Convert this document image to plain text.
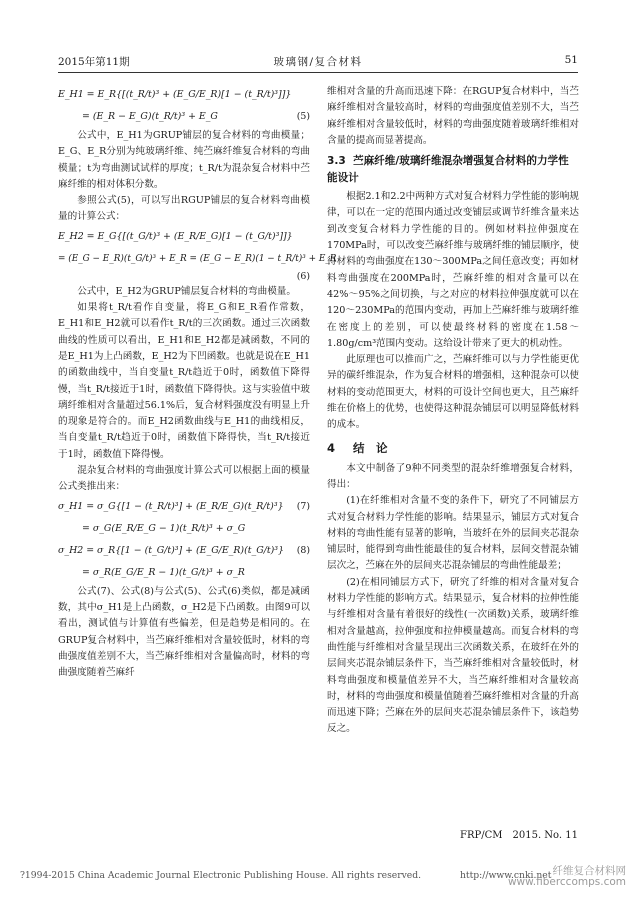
2015年第11期	玻璃钢/复合材料	51
E_H1 = E_R{[(t_R/t)³ + (E_G/E_R)[1 − (t_R/t)³]]}
= (E_R − E_G)(t_R/t)³ + E_G	(5)

公式中，E_H1为GRUP铺层的复合材料的弯曲模量；E_G、E_R分别为纯玻璃纤维、纯苎麻纤维复合材料的弯曲模量；t为弯曲测试试样的厚度；t_R/t为混杂复合材料中苎麻纤维的相对体积分数。

参照公式(5)，可以写出RGUP铺层的复合材料弯曲模量的计算公式：

E_H2 = E_G{[(t_G/t)³ + (E_R/E_G)[1 − (t_G/t)³]]}
= (E_G − E_R)(t_G/t)³ + E_R = (E_G − E_R)(1 − t_R/t)³ + E_R
(6)

公式中，E_H2为GRUP铺层复合材料的弯曲模量。

如果将t_R/t看作自变量，将E_G和E_R看作常数，E_H1和E_H2就可以看作t_R/t的三次函数。通过三次函数曲线的性质可以看出，E_H1和E_H2都是减函数，不同的是E_H1为上凸函数，E_H2为下凹函数。也就是说在E_H1的函数曲线中，当自变量t_R/t趋近于0时，函数值下降得慢，当t_R/t接近于1时，函数值下降得快。这与实验值中玻璃纤维相对含量超过56.1%后，复合材料强度没有明显上升的现象是符合的。而E_H2函数曲线与E_H1的曲线相反，当自变量t_R/t趋近于0时，函数值下降得快，当t_R/t接近于1时，函数值下降得慢。

混杂复合材料的弯曲强度计算公式可以根据上面的模量公式类推出来：

σ_H1 = σ_G{[1 − (t_R/t)³] + (E_R/E_G)(t_R/t)³} (7)
= σ_G(E_R/E_G − 1)(t_R/t)³ + σ_G
σ_H2 = σ_R{[1 − (t_G/t)³] + (E_G/E_R)(t_G/t)³} (8)
= σ_R(E_G/E_R − 1)(t_G/t)³ + σ_R

公式(7)、公式(8)与公式(5)、公式(6)类似，都是减函数，其中σ_H1是上凸函数，σ_H2是下凸函数。由图9可以看出，测试值与计算值有些偏差，但是趋势是相同的。在GRUP复合材料中，当苎麻纤维相对含量较低时，材料的弯曲强度值差别不大，当苎麻纤维相对含量偏高时，材料的弯曲强度随着苎麻纤

维相对含量的升高而迅速下降：在RGUP复合材料中，当苎麻纤维相对含量较高时，材料的弯曲强度值差别不大，当苎麻纤维相对含量较低时，材料的弯曲强度随着玻璃纤维相对含量的提高而显著提高。

3.3 苎麻纤维/玻璃纤维混杂增强复合材料的力学性能设计

根据2.1和2.2中两种方式对复合材料力学性能的影响规律，可以在一定的范围内通过改变铺层或调节纤维含量来达到改变复合材料力学性能的目的。例如材料拉伸强度在170MPa时，可以改变苎麻纤维与玻璃纤维的铺层顺序，使得材料的弯曲强度在130～300MPa之间任意改变；再如材料弯曲强度在200MPa时，苎麻纤维的相对含量可以在42%～95%之间切换，与之对应的材料拉伸强度就可以在120～230MPa的范围内变动，再加上苎麻纤维与玻璃纤维在密度上的差别，可以使最终材料的密度在1.58～1.80g/cm³范围内变动。这给设计带来了更大的机动性。

此原理也可以推而广之，苎麻纤维可以与力学性能更优异的碳纤维混杂，作为复合材料的增强相，这种混杂可以使材料的变动范围更大，材料的可设计空间也更大，且苎麻纤维在价格上的优势，也使得这种混杂铺层可以明显降低材料的成本。

4 结　论

本文中制备了9种不同类型的混杂纤维增强复合材料，得出：

(1)在纤维相对含量不变的条件下，研究了不同铺层方式对复合材料力学性能的影响。结果显示，铺层方式对复合材料的弯曲性能有显著的影响，当玻纤在外的层间夹芯混杂铺层时，能得到弯曲性能最佳的复合材料，层间交替混杂铺层次之，苎麻在外的层间夹芯混杂铺层的弯曲性能最差；

(2)在相同铺层方式下，研究了纤维的相对含量对复合材料力学性能的影响方式。结果显示，复合材料的拉伸性能与纤维相对含量有着很好的线性(一次函数)关系，玻璃纤维相对含量越高，拉伸强度和拉伸模量越高。而复合材料的弯曲性能与纤维相对含量呈现出三次函数关系，在玻纤在外的层间夹芯混杂铺层条件下，当苎麻纤维相对含量较低时，材料弯曲强度和模量值差异不大，当苎麻纤维相对含量较高时，材料的弯曲强度和模量值随着苎麻纤维相对含量的升高而迅速下降；苎麻在外的层间夹芯混杂铺层条件下，该趋势反之。

FRP/CM　2015. No. 11
?1994-2015 China Academic Journal Electronic Publishing House. All rights reserved.	http://www.cnki.net 纤维复合材料网
www.fiberccomps.com
